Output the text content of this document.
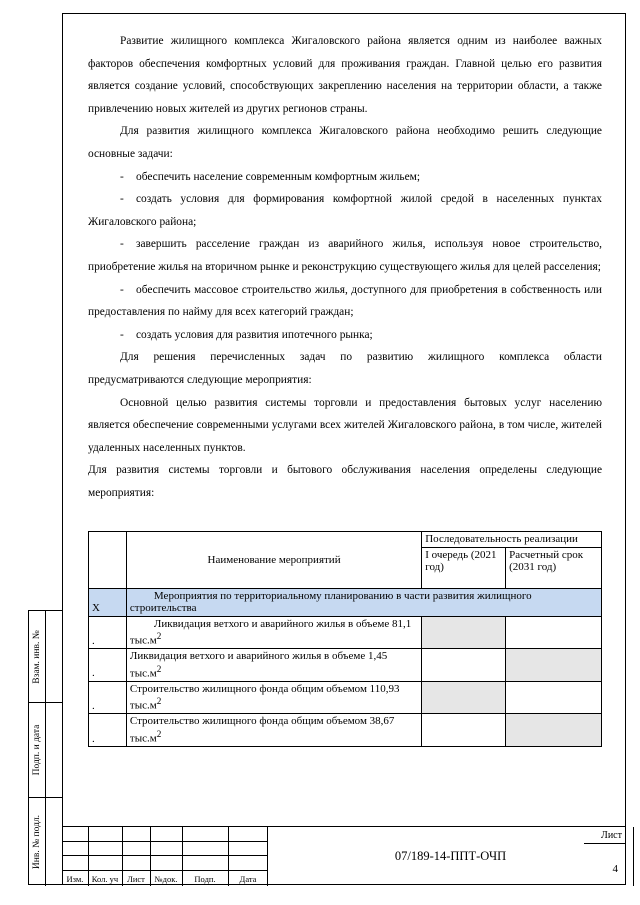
Взам. инв. №
Подп. и дата
Инв. № подл.

Развитие жилищного комплекса Жигаловского района является одним из наиболее важных факторов обеспечения комфортных условий для проживания граждан. Главной целью его развития является создание условий, способствующих закреплению населения на территории области, а также привлечению новых жителей из других регионов страны.

Для развития жилищного комплекса Жигаловского района необходимо решить следующие основные задачи:

- обеспечить население современным комфортным жильем;

- создать условия для формирования комфортной жилой средой в населенных пунктах Жигаловского района;

- завершить расселение граждан из аварийного жилья, используя новое строительство, приобретение жилья на вторичном рынке и реконструкцию существующего жилья для целей расселения;

- обеспечить массовое строительство жилья, доступного для приобретения в собственность или предоставления по найму для всех категорий граждан;

- создать условия для развития ипотечного рынка;

Для решения перечисленных задач по развитию жилищного комплекса области предусматриваются следующие мероприятия:

Основной целью развития системы торговли и предоставления бытовых услуг населению является обеспечение современными услугами всех жителей Жигаловского района, в том числе, жителей удаленных населенных пунктов.

Для развития системы торговли и бытового обслуживания населения определены следующие мероприятия:

	Наименование мероприятий	Последовательность реализации	
		I очередь (2021 год)	Расчетный срок (2031 год)
X	Мероприятия по территориальному планированию в части развития жилищного строительства		
.	Ликвидация ветхого и аварийного жилья в объеме 81,1 $тыс.м^2$		
.	Ликвидация ветхого и аварийного жилья в объеме 1,45 $тыс.м^2$		
.	Строительство жилищного фонда общим объемом 110,93 $тыс.м^2$		
.	Строительство жилищного фонда общим объемом 38,67 $тыс.м^2$		
Изм. Кол. уч	Лист	№док.	Подп.	Дата
07/189-14-ППТ-ОЧП
Лист
4
